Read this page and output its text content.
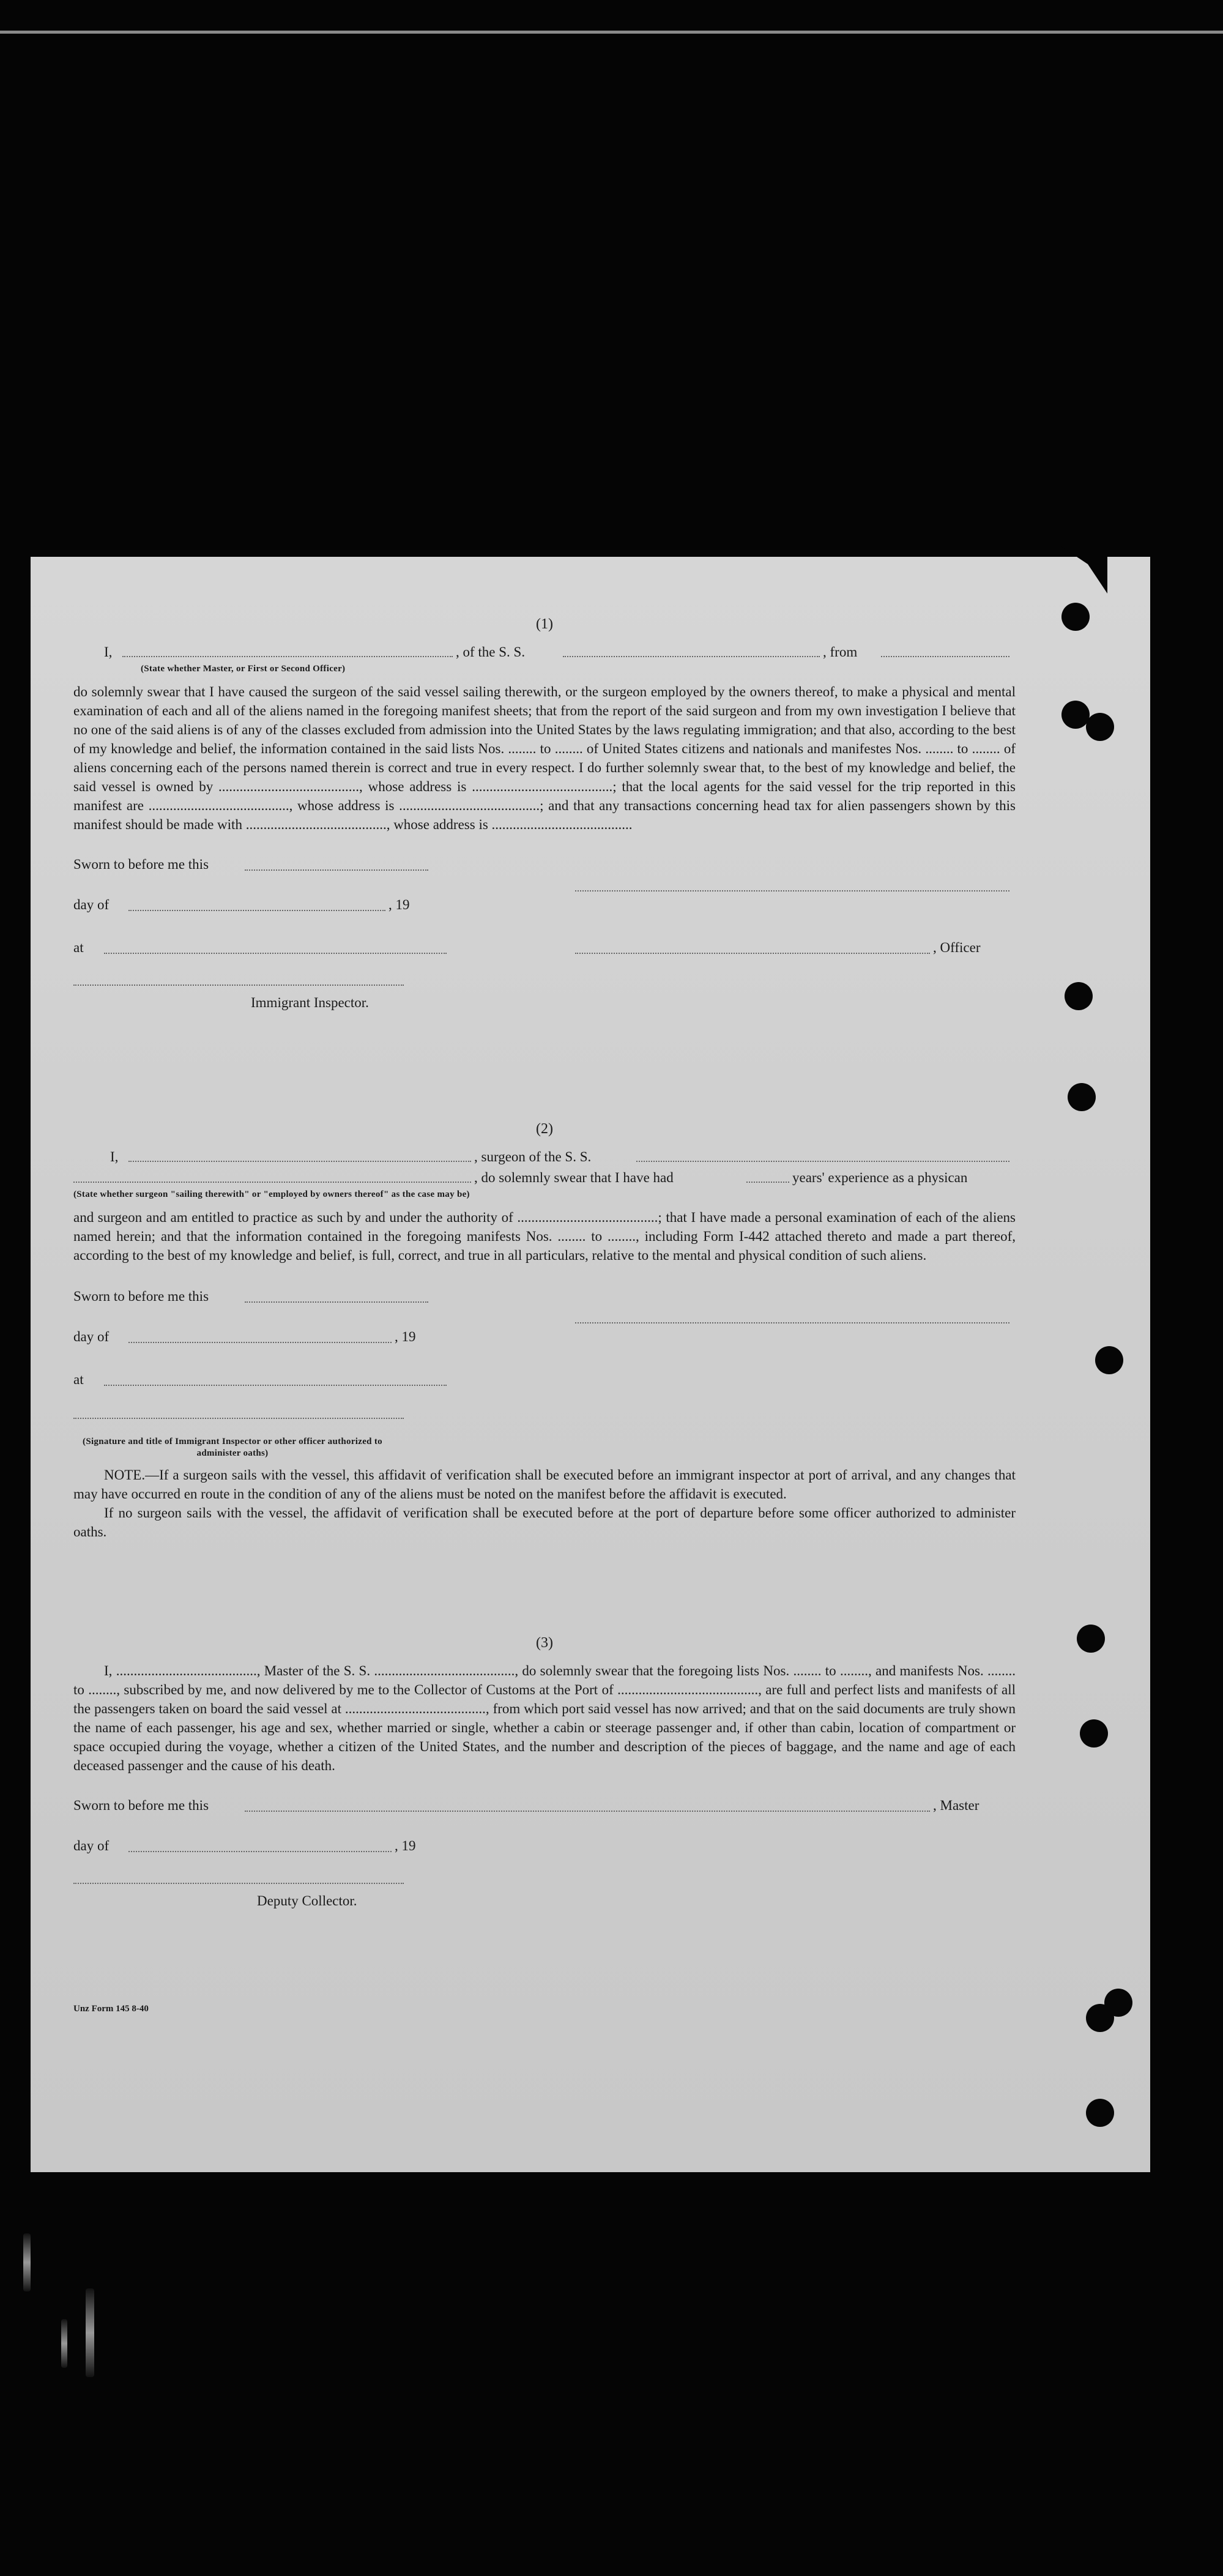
(1)
I,	, of the S. S.	, from
(State whether Master, or First or Second Officer)

do solemnly swear that I have caused the surgeon of the said vessel sailing therewith, or the surgeon employed by the owners thereof, to make a physical and mental examination of each and all of the aliens named in the foregoing manifest sheets; that from the report of the said surgeon and from my own investigation I believe that no one of the said aliens is of any of the classes excluded from admission into the United States by the laws regulating immigration; and that also, according to the best of my knowledge and belief, the information contained in the said lists Nos. ........ to ........ of United States citizens and nationals and manifestes Nos. ........ to ........ of aliens concerning each of the persons named therein is correct and true in every respect. I do further solemnly swear that, to the best of my knowledge and belief, the said vessel is owned by ........................................, whose address is ........................................; that the local agents for the said vessel for the trip reported in this manifest are ........................................, whose address is ........................................; and that any transactions concerning head tax for alien passengers shown by this manifest should be made with ........................................, whose address is ........................................

Sworn to before me this
day of	, 19
at	, Officer
Immigrant Inspector.
(2)
I,	, surgeon of the S. S.
, do solemnly swear that I have had	years' experience as a physican
(State whether surgeon "sailing therewith" or "employed by owners thereof" as the case may be)

and surgeon and am entitled to practice as such by and under the authority of ........................................; that I have made a personal examination of each of the aliens named herein; and that the information contained in the foregoing manifests Nos. ........ to ........, including Form I-442 attached thereto and made a part thereof, according to the best of my knowledge and belief, is full, correct, and true in all particulars, relative to the mental and physical condition of such aliens.

Sworn to before me this
day of	, 19
at
(Signature and title of Immigrant Inspector or other officer authorized to administer oaths)

NOTE.—If a surgeon sails with the vessel, this affidavit of verification shall be executed before an immigrant inspector at port of arrival, and any changes that may have occurred en route in the condition of any of the aliens must be noted on the manifest before the affidavit is executed.

If no surgeon sails with the vessel, the affidavit of verification shall be executed before at the port of departure before some officer authorized to administer oaths.

(3)

I, ........................................, Master of the S. S. ........................................, do solemnly swear that the foregoing lists Nos. ........ to ........, and manifests Nos. ........ to ........, subscribed by me, and now delivered by me to the Collector of Customs at the Port of ........................................, are full and perfect lists and manifests of all the passengers taken on board the said vessel at ........................................, from which port said vessel has now arrived; and that on the said documents are truly shown the name of each passenger, his age and sex, whether married or single, whether a cabin or steerage passenger and, if other than cabin, location of compartment or space occupied during the voyage, whether a citizen of the United States, and the number and description of the pieces of baggage, and the name and age of each deceased passenger and the cause of his death.

Sworn to before me this	, Master
day of	, 19
Deputy Collector.
Unz Form 145 8-40
